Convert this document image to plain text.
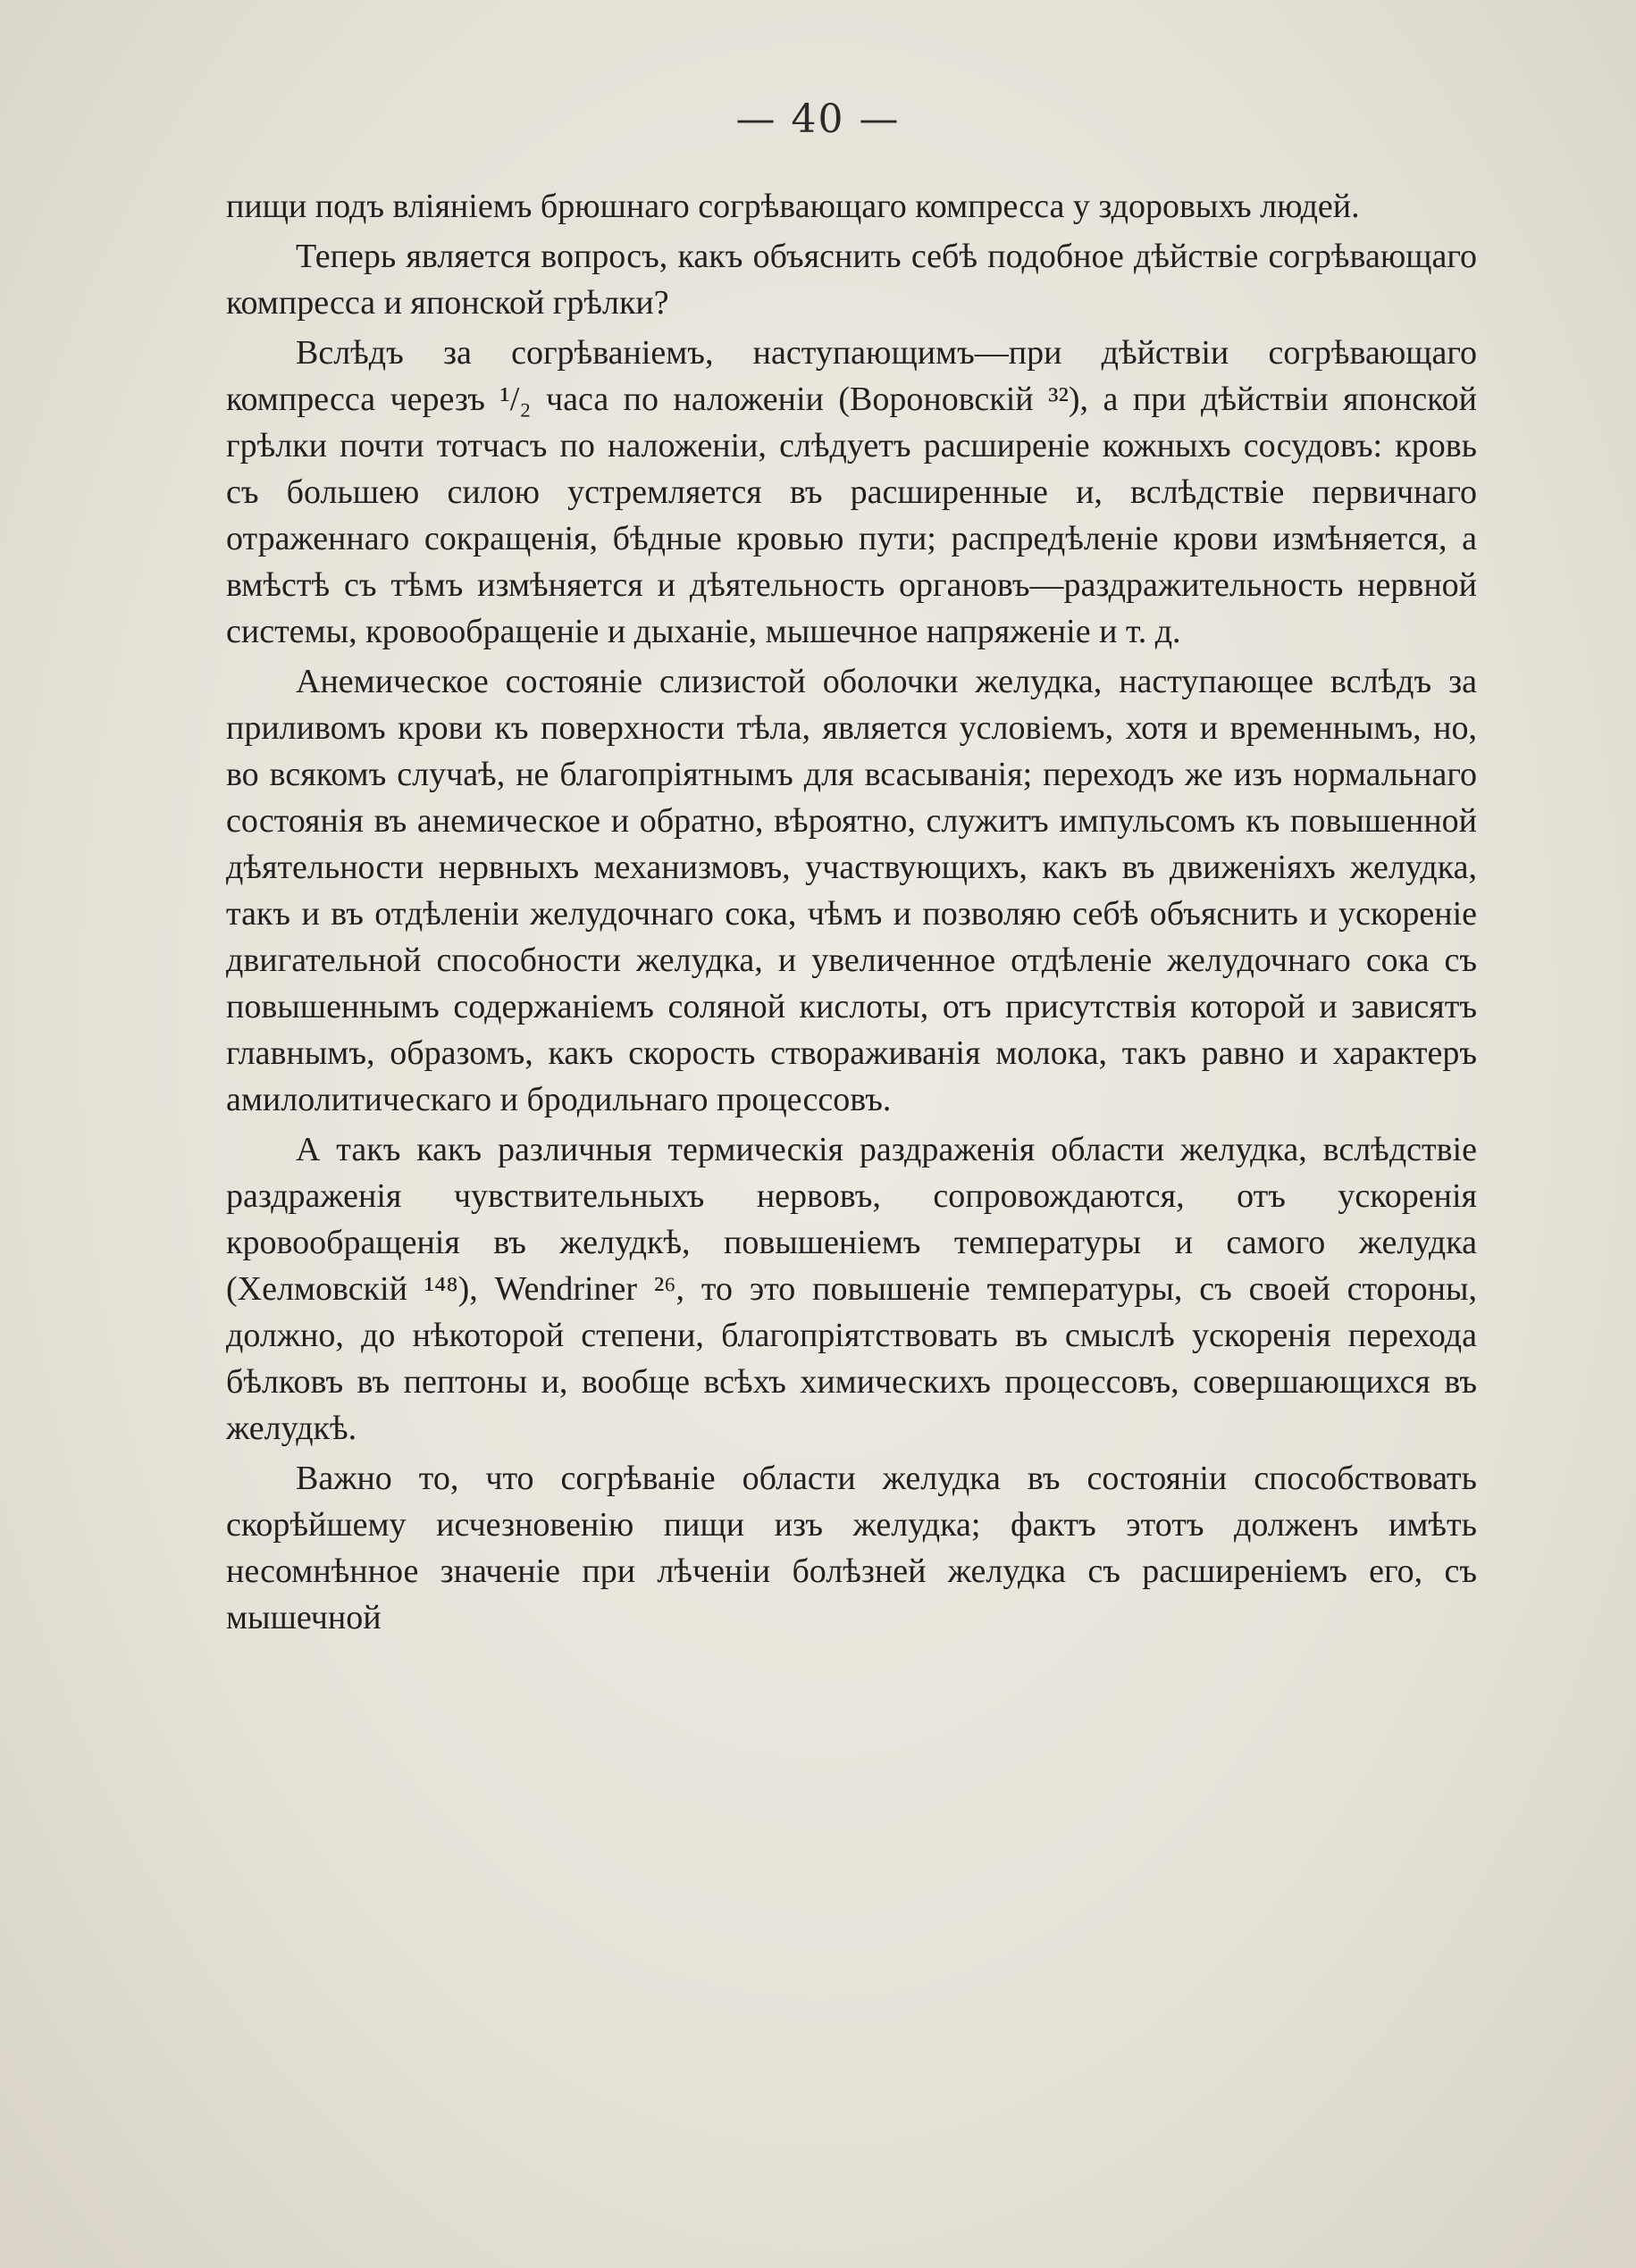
— 40 —

пищи подъ вліяніемъ брюшнаго согрѣвающаго компресса у здоровыхъ людей.

Теперь является вопросъ, какъ объяснить себѣ подобное дѣйствіе согрѣвающаго компресса и японской грѣлки?

Вслѣдъ за согрѣваніемъ, наступающимъ—при дѣйствіи согрѣвающаго компресса черезъ ¹/₂ часа по наложеніи (Вороновскій ³²), а при дѣйствіи японской грѣлки почти тотчасъ по наложеніи, слѣдуетъ расширеніе кожныхъ сосудовъ: кровь съ большею силою устремляется въ расширенные и, вслѣдствіе первичнаго отраженнаго сокращенія, бѣдные кровью пути; распредѣленіе крови измѣняется, а вмѣстѣ съ тѣмъ измѣняется и дѣятельность органовъ—раздражительность нервной системы, кровообращеніе и дыханіе, мышечное напряженіе и т. д.

Анемическое состояніе слизистой оболочки желудка, наступающее вслѣдъ за приливомъ крови къ поверхности тѣла, является условіемъ, хотя и временнымъ, но, во всякомъ случаѣ, не благопріятнымъ для всасыванія; переходъ же изъ нормальнаго состоянія въ анемическое и обратно, вѣроятно, служитъ импульсомъ къ повышенной дѣятельности нервныхъ механизмовъ, участвующихъ, какъ въ движеніяхъ желудка, такъ и въ отдѣленіи желудочнаго сока, чѣмъ и позволяю себѣ объяснить и ускореніе двигательной способности желудка, и увеличенное отдѣленіе желудочнаго сока съ повышеннымъ содержаніемъ соляной кислоты, отъ присутствія которой и зависятъ главнымъ, образомъ, какъ скорость створаживанія молока, такъ равно и характеръ амилолитическаго и бродильнаго процессовъ.

А такъ какъ различныя термическія раздраженія области желудка, вслѣдствіе раздраженія чувствительныхъ нервовъ, сопровождаются, отъ ускоренія кровообращенія въ желудкѣ, повышеніемъ температуры и самого желудка (Хелмовскій ¹⁴⁸), Wendriner ²⁶, то это повышеніе температуры, съ своей стороны, должно, до нѣкоторой степени, благопріятствовать въ смыслѣ ускоренія перехода бѣлковъ въ пептоны и, вообще всѣхъ химическихъ процессовъ, совершающихся въ желудкѣ.

Важно то, что согрѣваніе области желудка въ состояніи способствовать скорѣйшему исчезновенію пищи изъ желудка; фактъ этотъ долженъ имѣть несомнѣнное значеніе при лѣченіи болѣзней желудка съ расширеніемъ его, съ мышечной
